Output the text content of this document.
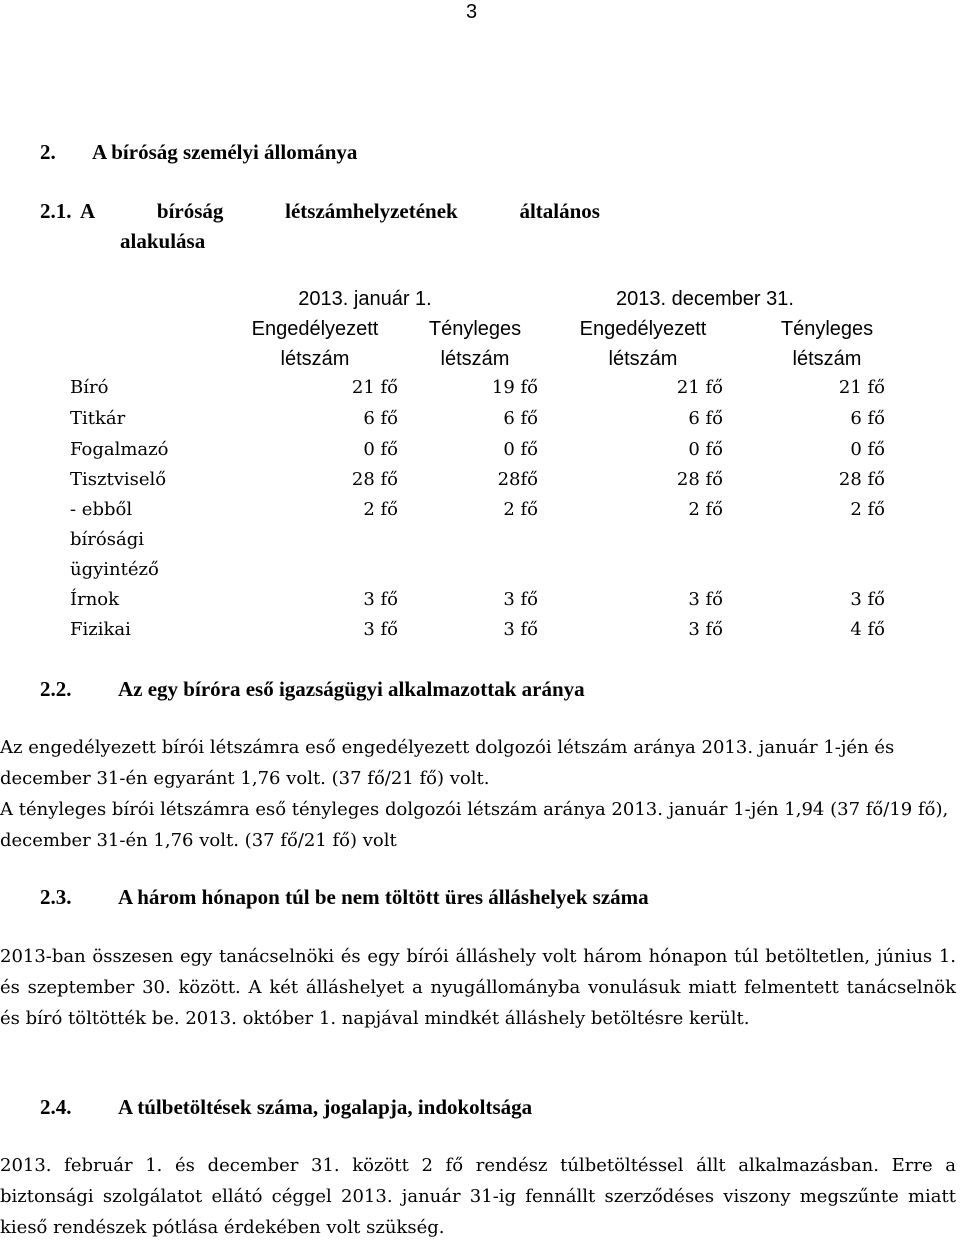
3
2. A bíróság személyi állománya
2.1. A	bíróság	létszámhelyzetének	általános
alakulása
2013. január 1.	2013. december 31.
Engedélyezett
létszám
Tényleges
létszám
Engedélyezett
létszám
Tényleges
létszám
Bíró	21 fő	19 fő	21 fő	21 fő
Titkár	6 fő	6 fő	6 fő	6 fő
Fogalmazó	0 fő	0 fő	0 fő	0 fő
Tisztviselő	28 fő	28fő	28 fő	28 fő
- ebből
bírósági
ügyintéző
2 fő	2 fő	2 fő	2 fő
Írnok	3 fő	3 fő	3 fő	3 fő
Fizikai	3 fő	3 fő	3 fő	4 fő
2.2. Az egy bíróra eső igazságügyi alkalmazottak aránya

Az engedélyezett bírói létszámra eső engedélyezett dolgozói létszám aránya 2013. január 1-jén és december 31-én egyaránt 1,76 volt. (37 fő/21 fő) volt.

A tényleges bírói létszámra eső tényleges dolgozói létszám aránya 2013. január 1-jén 1,94 (37 fő/19 fő), december 31-én 1,76 volt. (37 fő/21 fő) volt

2.3. A három hónapon túl be nem töltött üres álláshelyek száma

2013-ban összesen egy tanácselnöki és egy bírói álláshely volt három hónapon túl betöltetlen, június 1. és szeptember 30. között. A két álláshelyet a nyugállományba vonulásuk miatt felmentett tanácselnök és bíró töltötték be. 2013. október 1. napjával mindkét álláshely betöltésre került.

2.4. A túlbetöltések száma, jogalapja, indokoltsága

2013. február 1. és december 31. között 2 fő rendész túlbetöltéssel állt alkalmazásban. Erre a biztonsági szolgálatot ellátó céggel 2013. január 31-ig fennállt szerződéses viszony megszűnte miatt kieső rendészek pótlása érdekében volt szükség.
